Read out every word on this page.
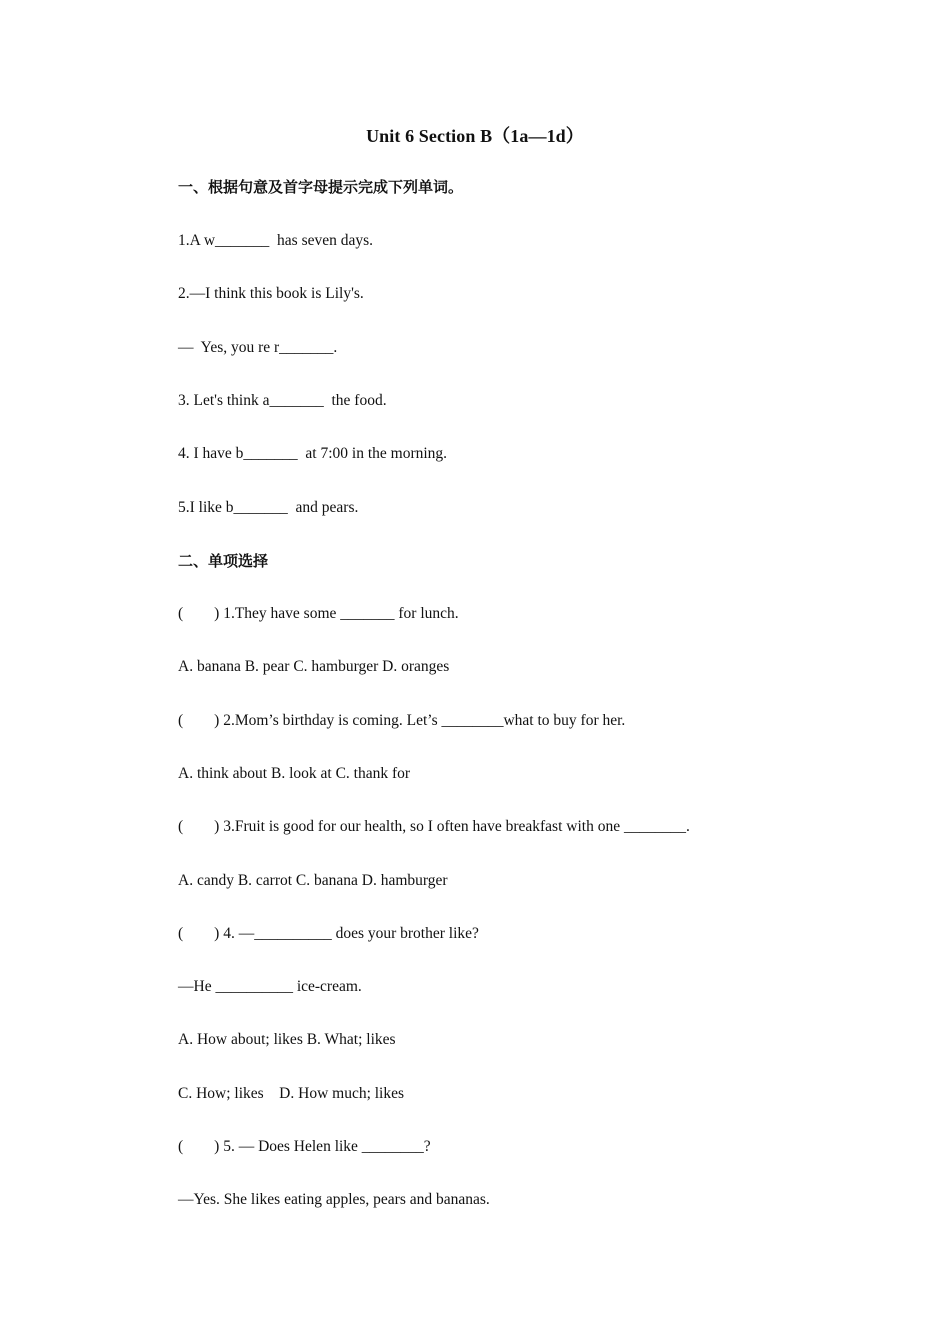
Unit 6 Section B（1a—1d）
一、根据句意及首字母提示完成下列单词。
1.A w_______  has seven days.
2.—I think this book is Lily's.
—  Yes, you re r_______.
3. Let's think a_______  the food.
4. I have b_______  at 7:00 in the morning.
5.I like b_______  and pears.
二、单项选择
(        ) 1.They have some _______ for lunch.
A. banana B. pear C. hamburger D. oranges
(        ) 2.Mom’s birthday is coming. Let’s ________what to buy for her.
A. think about B. look at C. thank for
(        ) 3.Fruit is good for our health, so I often have breakfast with one ________.
A. candy B. carrot C. banana D. hamburger
(        ) 4. —__________ does your brother like?
—He __________ ice-cream.
A. How about; likes B. What; likes
C. How; likes    D. How much; likes
(        ) 5. — Does Helen like ________?
—Yes. She likes eating apples, pears and bananas.
